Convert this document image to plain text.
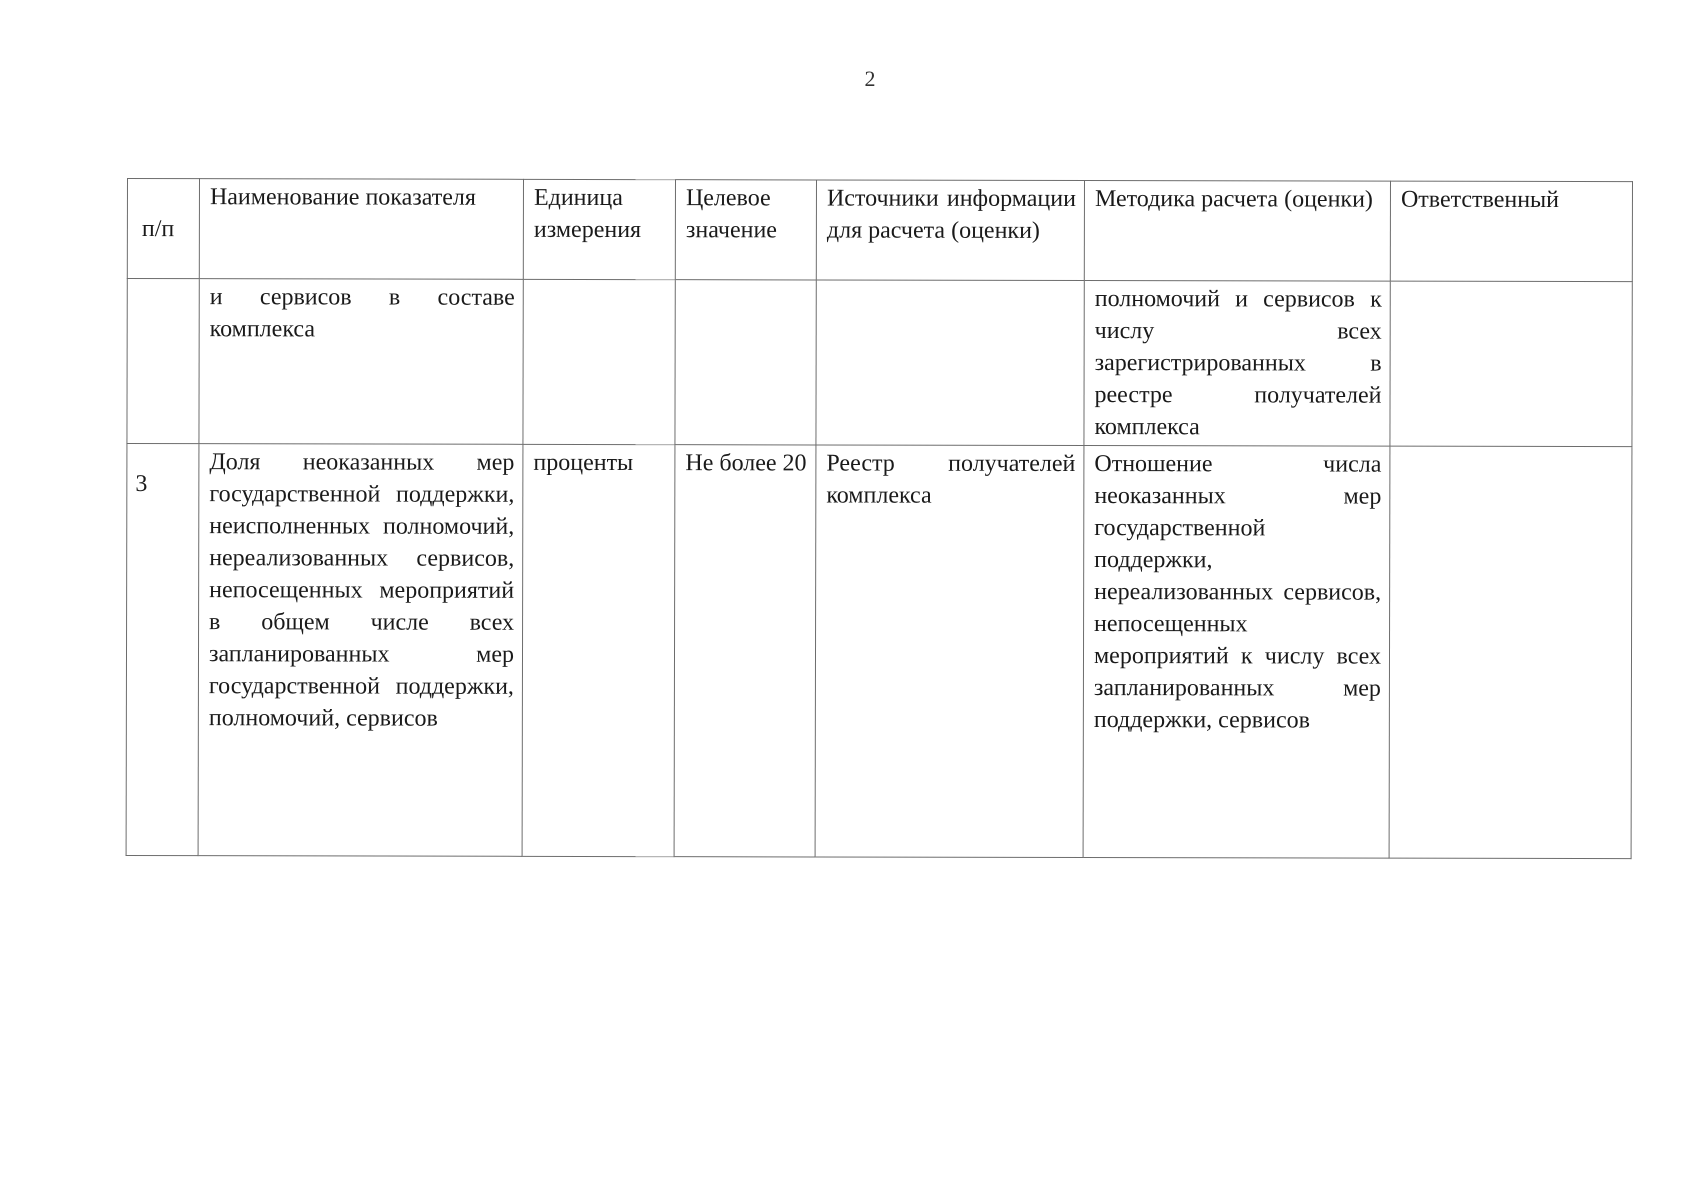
2
п/п	Наименование показателя	Единица измерения	Целевое значение	Источники информации для расчета (оценки)	Методика расчета (оценки)	Ответственный
	и сервисов в составе комплекса				полномочий и сервисов к числу всех зарегистрированных в реестре получателей комплекса	
3	Доля неоказанных мер государственной поддержки, неисполненных полномочий, нереализованных сервисов, непосещенных мероприятий в общем числе всех запланированных мер государственной поддержки, полномочий, сервисов	проценты	Не более 20	Реестр получателей комплекса	Отношение числа неоказанных мер государственной поддержки, нереализованных сервисов, непосещенных мероприятий к числу всех запланированных мер поддержки, сервисов	
